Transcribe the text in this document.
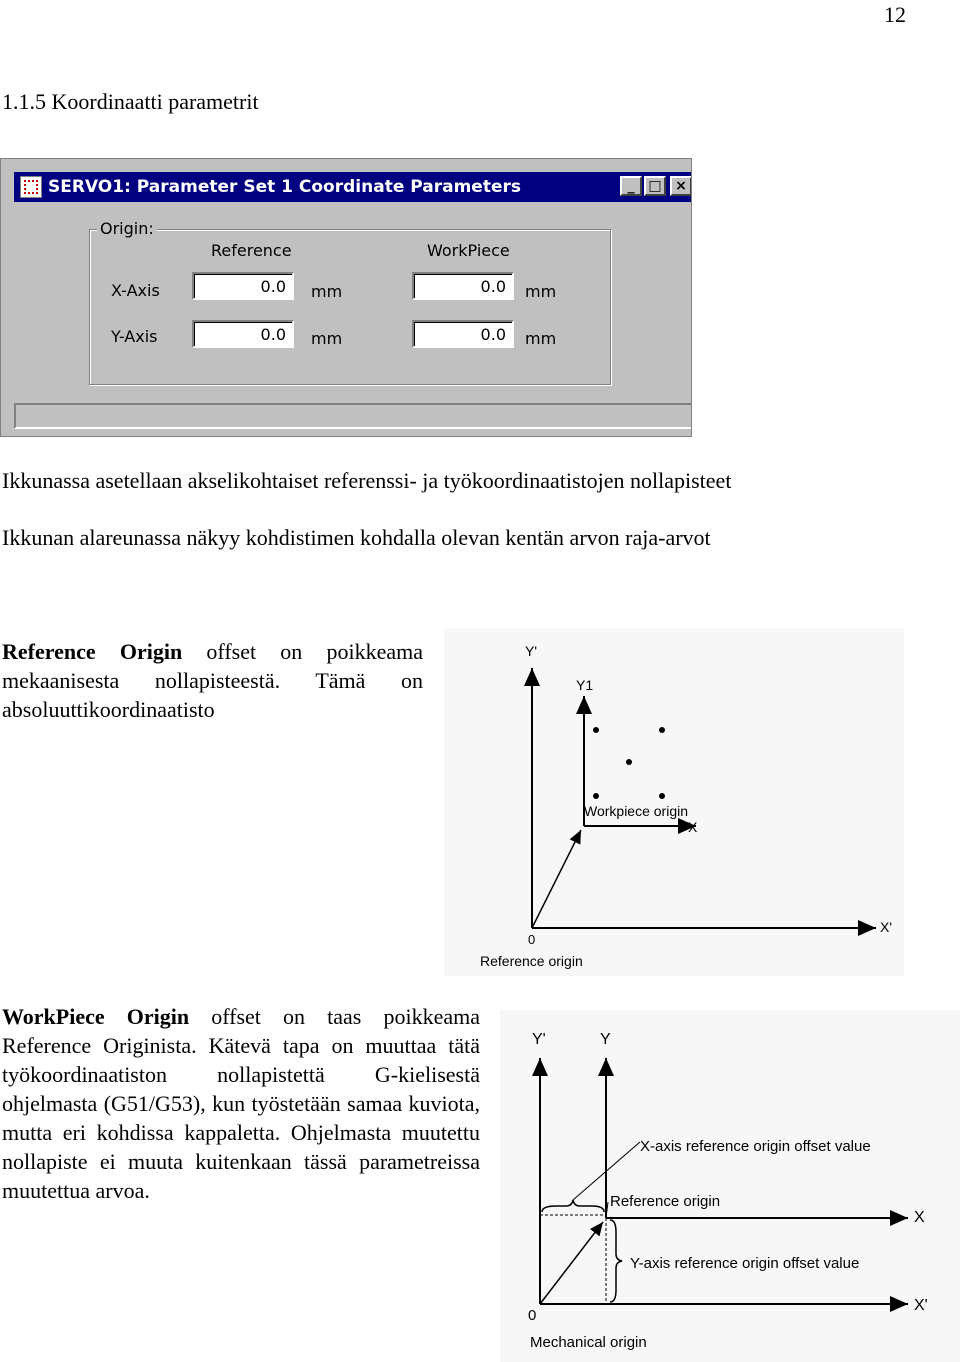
12
1.1.5 Koordinaatti parametrit
SERVO1: Parameter Set 1 Coordinate Parameters	_ □ ×
Origin:
Reference	WorkPiece
X-Axis	0.0	mm	0.0	mm
Y-Axis	0.0	mm	0.0	mm
Ikkunassa asetellaan akselikohtaiset referenssi- ja työkoordinaatistojen nollapisteet
Ikkunan alareunassa näkyy kohdistimen kohdalla olevan kentän arvon raja-arvot
Reference Origin offset on poikkeama mekaanisesta nollapisteestä. Tämä on absoluuttikoordinaatisto
WorkPiece Origin offset on taas poikkeama Reference Originista. Kätevä tapa on muuttaa tätä työkoordinaatiston nollapistettä G-kielisestä ohjelmasta (G51/G53), kun työstetään samaa kuviota, mutta eri kohdissa kappaletta. Ohjelmasta muutettu nollapiste ei muuta kuitenkaan tässä parametreissa muutettua arvoa.
Y'
Y1
Workpiece origin
X
X'
0
Reference origin
Y'	Y
X-axis reference origin offset value
Reference origin
X
Y-axis reference origin offset value
0
X'
Mechanical origin
